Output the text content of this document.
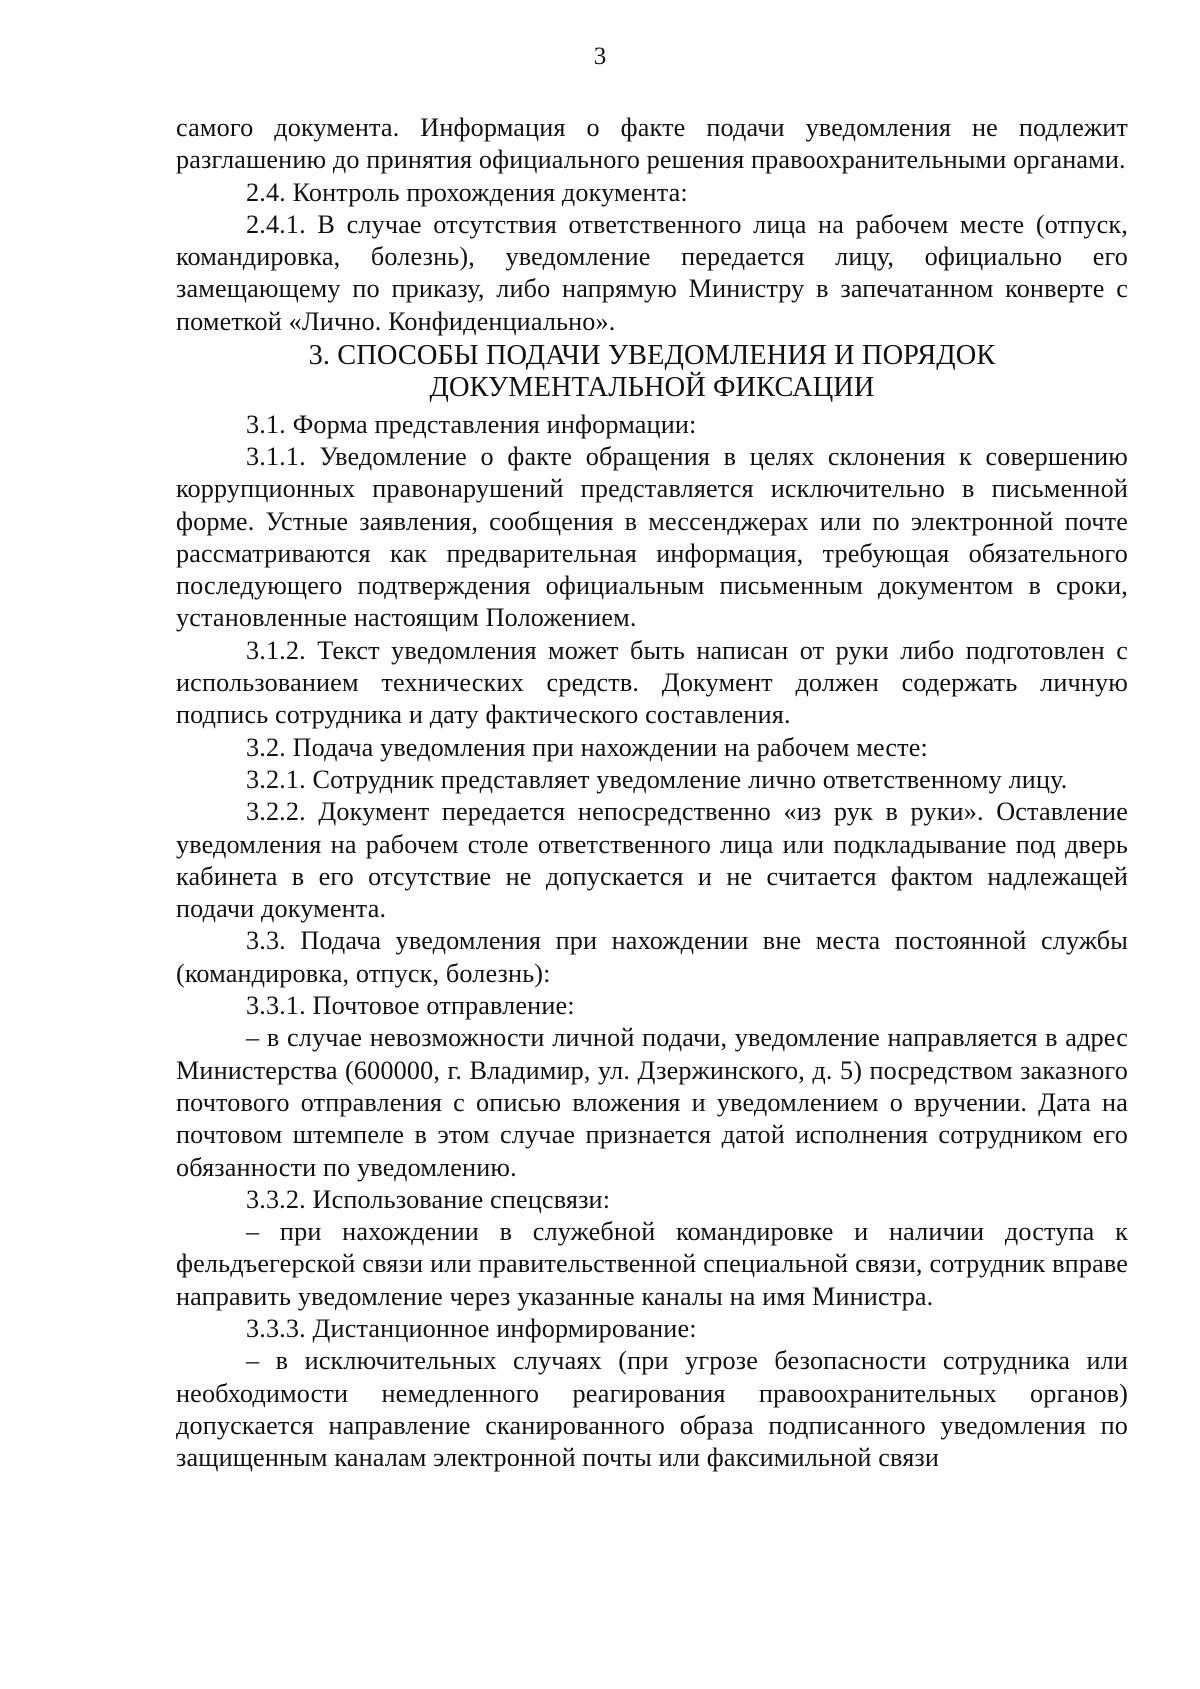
3

самого документа. Информация о факте подачи уведомления не подлежит разглашению до принятия официального решения правоохранительными органами.

2.4. Контроль прохождения документа:

2.4.1. В случае отсутствия ответственного лица на рабочем месте (отпуск, командировка, болезнь), уведомление передается лицу, официально его замещающему по приказу, либо напрямую Министру в запечатанном конверте с пометкой «Лично. Конфиденциально».

3. СПОСОБЫ ПОДАЧИ УВЕДОМЛЕНИЯ И ПОРЯДОК ДОКУМЕНТАЛЬНОЙ ФИКСАЦИИ

3.1. Форма представления информации:

3.1.1. Уведомление о факте обращения в целях склонения к совершению коррупционных правонарушений представляется исключительно в письменной форме. Устные заявления, сообщения в мессенджерах или по электронной почте рассматриваются как предварительная информация, требующая обязательного последующего подтверждения официальным письменным документом в сроки, установленные настоящим Положением.

3.1.2. Текст уведомления может быть написан от руки либо подготовлен с использованием технических средств. Документ должен содержать личную подпись сотрудника и дату фактического составления.

3.2. Подача уведомления при нахождении на рабочем месте:

3.2.1. Сотрудник представляет уведомление лично ответственному лицу.

3.2.2. Документ передается непосредственно «из рук в руки». Оставление уведомления на рабочем столе ответственного лица или подкладывание под дверь кабинета в его отсутствие не допускается и не считается фактом надлежащей подачи документа.

3.3. Подача уведомления при нахождении вне места постоянной службы (командировка, отпуск, болезнь):

3.3.1. Почтовое отправление:

– в случае невозможности личной подачи, уведомление направляется в адрес Министерства (600000, г. Владимир, ул. Дзержинского, д. 5) посредством заказного почтового отправления с описью вложения и уведомлением о вручении. Дата на почтовом штемпеле в этом случае признается датой исполнения сотрудником его обязанности по уведомлению.

3.3.2. Использование спецсвязи:

– при нахождении в служебной командировке и наличии доступа к фельдъегерской связи или правительственной специальной связи, сотрудник вправе направить уведомление через указанные каналы на имя Министра.

3.3.3. Дистанционное информирование:

– в исключительных случаях (при угрозе безопасности сотрудника или необходимости немедленного реагирования правоохранительных органов) допускается направление сканированного образа подписанного уведомления по защищенным каналам электронной почты или факсимильной связи
